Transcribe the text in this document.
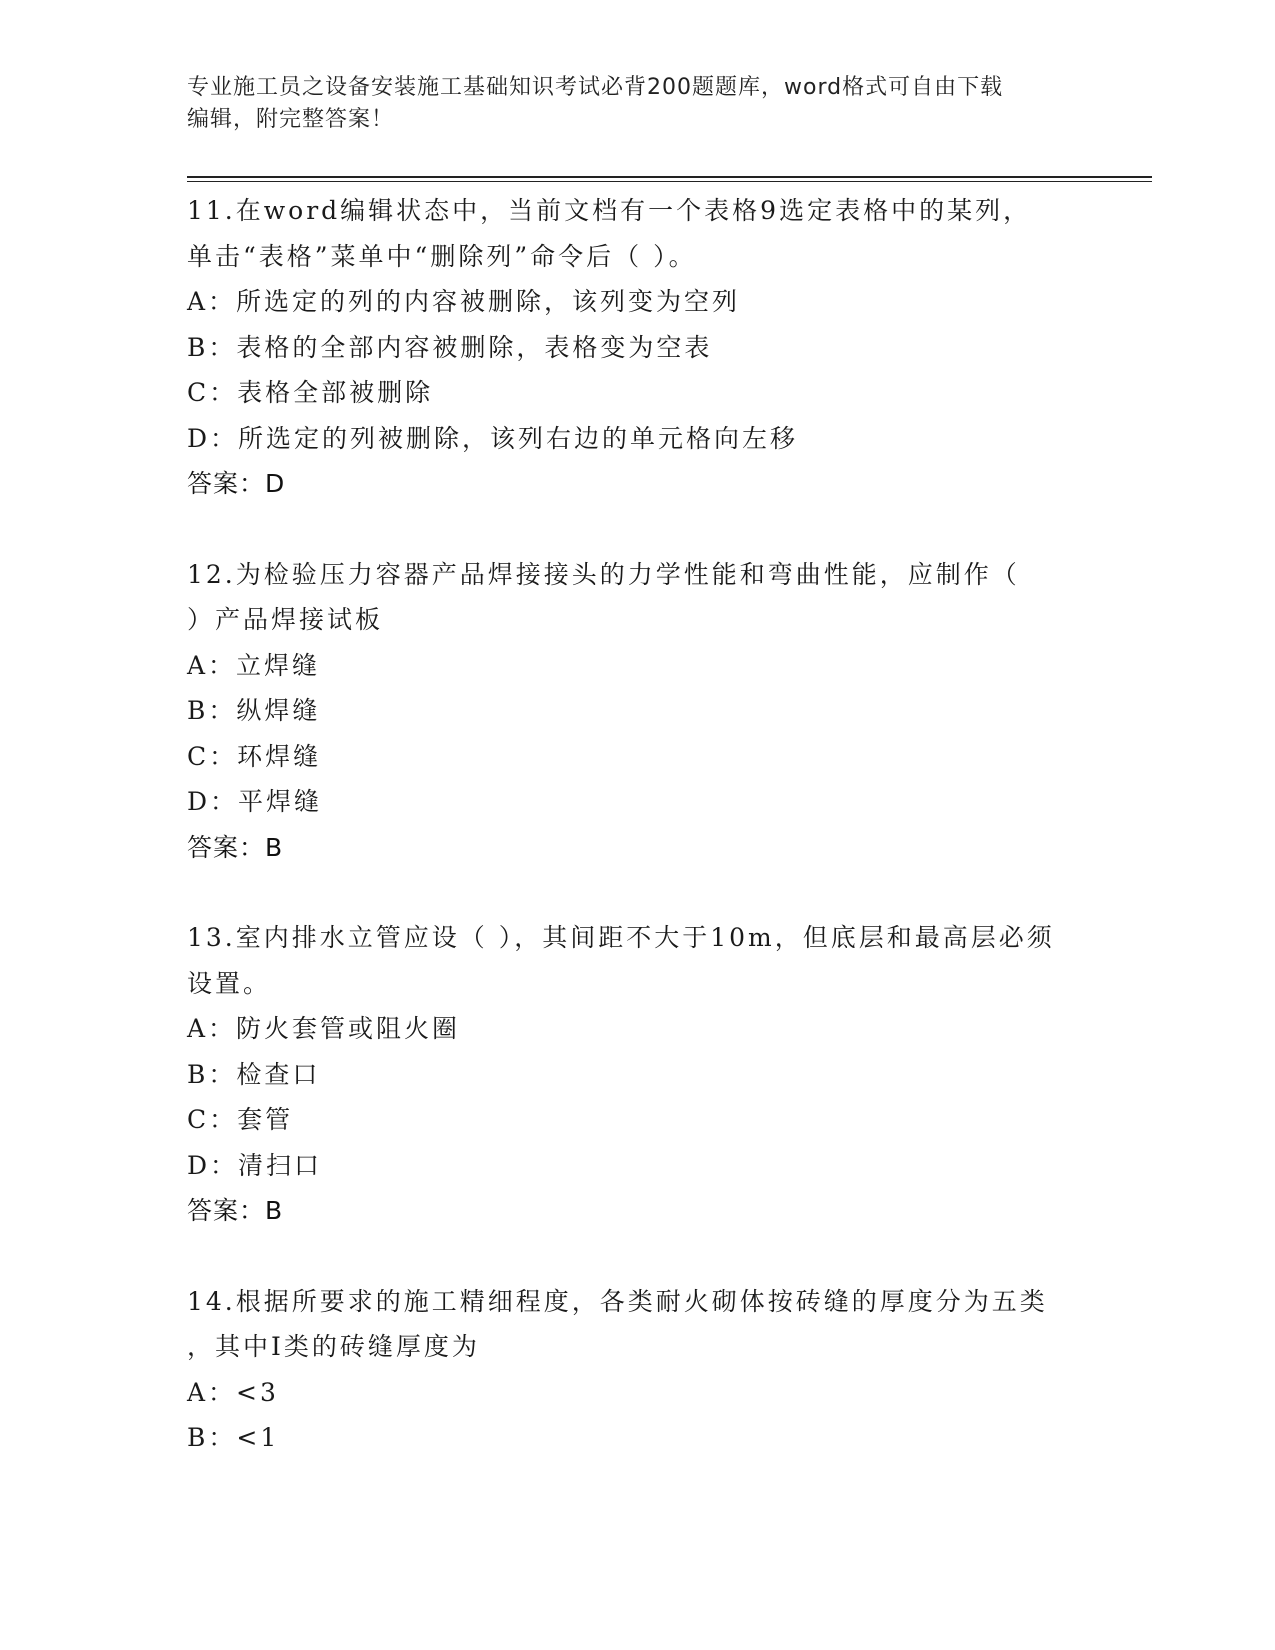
专业施工员之设备安装施工基础知识考试必背200题题库，word格式可自由下载
编辑，附完整答案！
11.在word编辑状态中，当前文档有一个表格9选定表格中的某列，
单击“表格”菜单中“删除列”命令后（ ）。
A：所选定的列的内容被删除，该列变为空列
B：表格的全部内容被删除，表格变为空表
C：表格全部被删除
D：所选定的列被删除，该列右边的单元格向左移
答案：D
12.为检验压力容器产品焊接接头的力学性能和弯曲性能，应制作（
）产品焊接试板
A：立焊缝
B：纵焊缝
C：环焊缝
D：平焊缝
答案：B
13.室内排水立管应设（ ），其间距不大于10m，但底层和最高层必须
设置。
A：防火套管或阻火圈
B：检查口
C：套管
D：清扫口
答案：B
14.根据所要求的施工精细程度，各类耐火砌体按砖缝的厚度分为五类
，其中I类的砖缝厚度为
A：<3
B：<1
